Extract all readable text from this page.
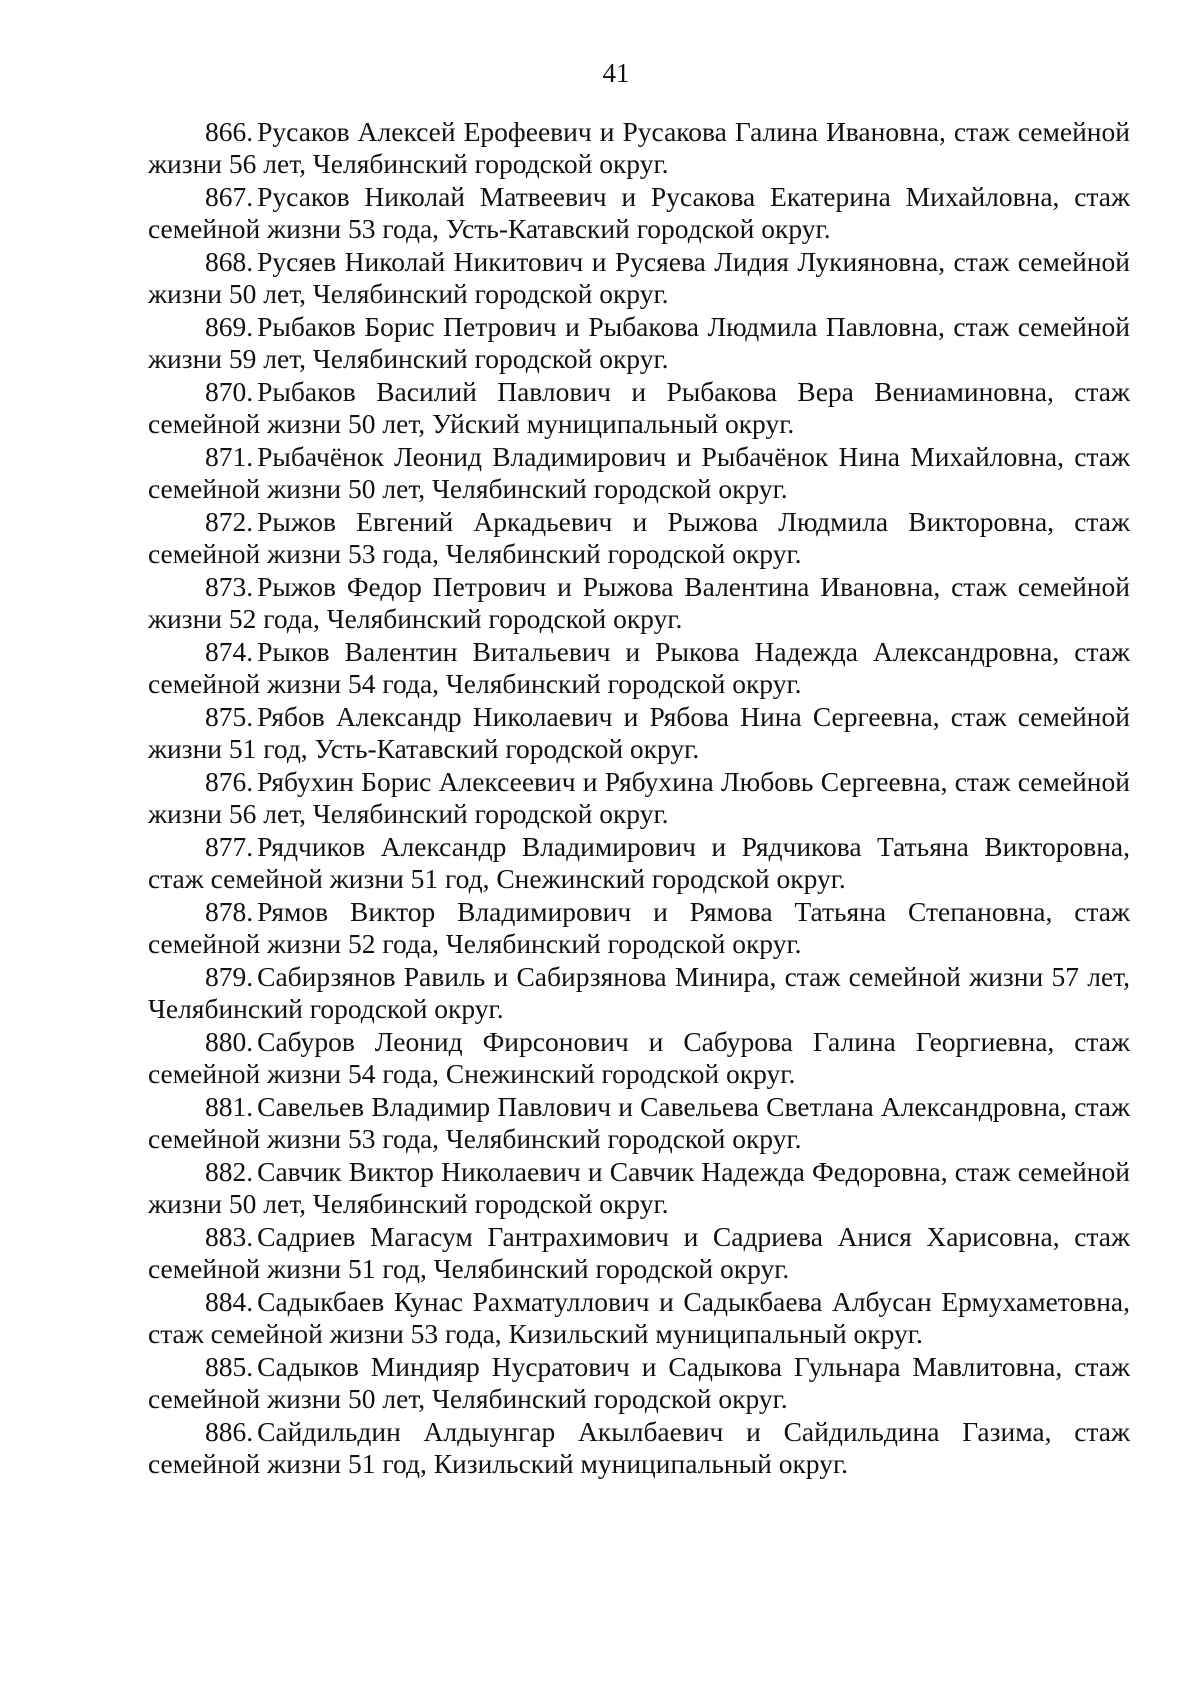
41
866. Русаков Алексей Ерофеевич и Русакова Галина Ивановна, стаж семейной жизни 56 лет, Челябинский городской округ.
867. Русаков Николай Матвеевич и Русакова Екатерина Михайловна, стаж семейной жизни 53 года, Усть-Катавский городской округ.
868. Русяев Николай Никитович и Русяева Лидия Лукияновна, стаж семейной жизни 50 лет, Челябинский городской округ.
869. Рыбаков Борис Петрович и Рыбакова Людмила Павловна, стаж семейной жизни 59 лет, Челябинский городской округ.
870. Рыбаков Василий Павлович и Рыбакова Вера Вениаминовна, стаж семейной жизни 50 лет, Уйский муниципальный округ.
871. Рыбачёнок Леонид Владимирович и Рыбачёнок Нина Михайловна, стаж семейной жизни 50 лет, Челябинский городской округ.
872. Рыжов Евгений Аркадьевич и Рыжова Людмила Викторовна, стаж семейной жизни 53 года, Челябинский городской округ.
873. Рыжов Федор Петрович и Рыжова Валентина Ивановна, стаж семейной жизни 52 года, Челябинский городской округ.
874. Рыков Валентин Витальевич и Рыкова Надежда Александровна, стаж семейной жизни 54 года, Челябинский городской округ.
875. Рябов Александр Николаевич и Рябова Нина Сергеевна, стаж семейной жизни 51 год, Усть-Катавский городской округ.
876. Рябухин Борис Алексеевич и Рябухина Любовь Сергеевна, стаж семейной жизни 56 лет, Челябинский городской округ.
877. Рядчиков Александр Владимирович и Рядчикова Татьяна Викторовна, стаж семейной жизни 51 год, Снежинский городской округ.
878. Рямов Виктор Владимирович и Рямова Татьяна Степановна, стаж семейной жизни 52 года, Челябинский городской округ.
879. Сабирзянов Равиль и Сабирзянова Минира, стаж семейной жизни 57 лет, Челябинский городской округ.
880. Сабуров Леонид Фирсонович и Сабурова Галина Георгиевна, стаж семейной жизни 54 года, Снежинский городской округ.
881. Савельев Владимир Павлович и Савельева Светлана Александровна, стаж семейной жизни 53 года, Челябинский городской округ.
882. Савчик Виктор Николаевич и Савчик Надежда Федоровна, стаж семейной жизни 50 лет, Челябинский городской округ.
883. Садриев Магасум Гантрахимович и Садриева Анися Харисовна, стаж семейной жизни 51 год, Челябинский городской округ.
884. Садыкбаев Кунас Рахматуллович и Садыкбаева Албусан Ермухаметовна, стаж семейной жизни 53 года, Кизильский муниципальный округ.
885. Садыков Миндияр Нусратович и Садыкова Гульнара Мавлитовна, стаж семейной жизни 50 лет, Челябинский городской округ.
886. Сайдильдин Алдыунгар Акылбаевич и Сайдильдина Газима, стаж семейной жизни 51 год, Кизильский муниципальный округ.
